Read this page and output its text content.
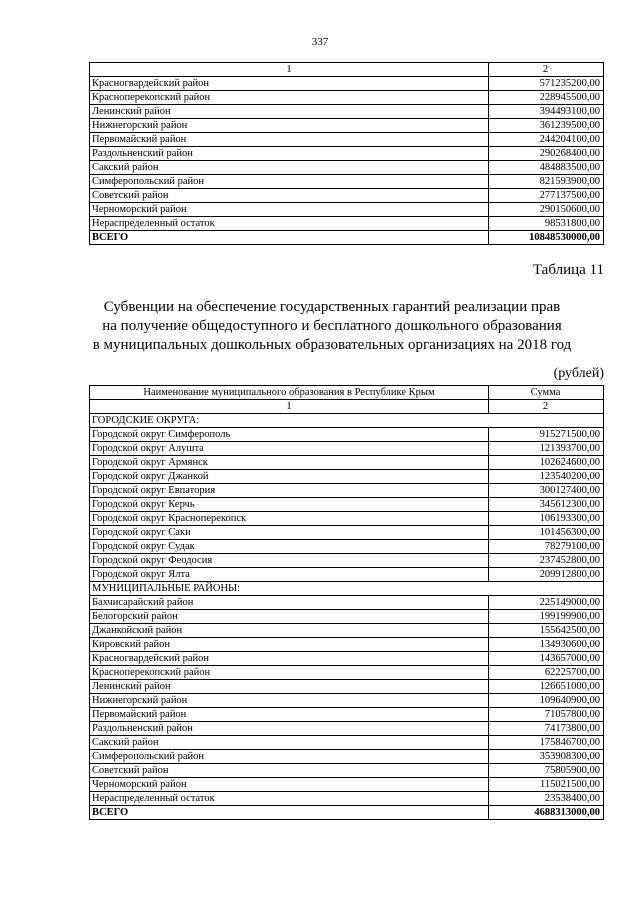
337
1	2
Красногвардейский район	571235200,00
Красноперекопский район	228945500,00
Ленинский район	394493100,00
Нижнегорский район	361239500,00
Первомайский район	244204100,00
Раздольненский район	290268400,00
Сакский район	484883500,00
Симферопольский район	821593900,00
Советский район	277137500,00
Черноморский район	290150600,00
Нераспределенный остаток	98531800,00
ВСЕГО	10848530000,00
Таблица 11
Субвенции на обеспечение государственных гарантий реализации прав
на получение общедоступного и бесплатного дошкольного образования
в муниципальных дошкольных образовательных организациях на 2018 год
(рублей)
Наименование муниципального образования в Республике Крым	Сумма
1	2
ГОРОДСКИЕ ОКРУГА:	
Городской округ Симферополь	915271500,00
Городской округ Алушта	121393700,00
Городской округ Армянск	102624600,00
Городской округ Джанкой	123540200,00
Городской округ Евпатория	300127400,00
Городской округ Керчь	345612300,00
Городской округ Красноперекопск	106193300,00
Городской округ Саки	101456300,00
Городской округ Судак	78279100,00
Городской округ Феодосия	237452800,00
Городской округ Ялта	209912800,00
МУНИЦИПАЛЬНЫЕ РАЙОНЫ:	
Бахчисарайский район	225149000,00
Белогорский район	199199900,00
Джанкойский район	155642500,00
Кировский район	134930600,00
Красногвардейский район	143657000,00
Красноперекопский район	62225700,00
Ленинский район	126651000,00
Нижнегорский район	109640900,00
Первомайский район	71057800,00
Раздольненский район	74173800,00
Сакский район	175846700,00
Симферопольский район	353908300,00
Советский район	75805900,00
Черноморский район	115021500,00
Нераспределенный остаток	23538400,00
ВСЕГО	4688313000,00
